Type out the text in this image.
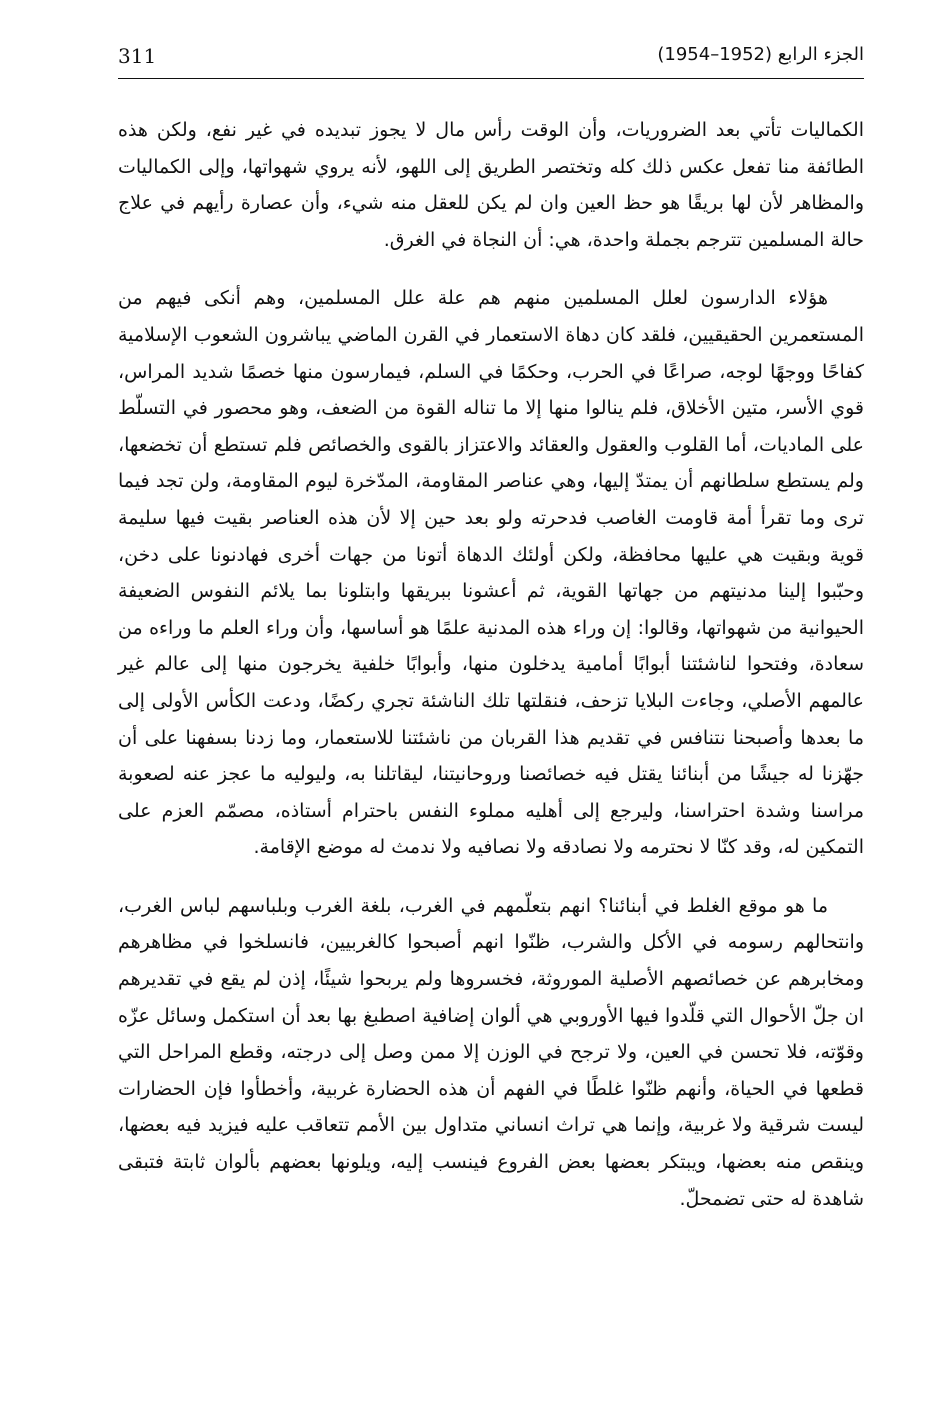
311	الجزء الرابع (1952–1954)

الكماليات تأتي بعد الضروريات، وأن الوقت رأس مال لا يجوز تبديده في غير نفع، ولكن هذه الطائفة منا تفعل عكس ذلك كله وتختصر الطريق إلى اللهو، لأنه يروي شهواتها، وإلى الكماليات والمظاهر لأن لها بريقًا هو حظ العين وان لم يكن للعقل منه شيء، وأن عصارة رأيهم في علاج حالة المسلمين تترجم بجملة واحدة، هي: أن النجاة في الغرق.

هؤلاء الدارسون لعلل المسلمين منهم هم علة علل المسلمين، وهم أنكى فيهم من المستعمرين الحقيقيين، فلقد كان دهاة الاستعمار في القرن الماضي يباشرون الشعوب الإسلامية كفاحًا ووجهًا لوجه، صراعًا في الحرب، وحكمًا في السلم، فيمارسون منها خصمًا شديد المراس، قوي الأسر، متين الأخلاق، فلم ينالوا منها إلا ما تناله القوة من الضعف، وهو محصور في التسلّط على الماديات، أما القلوب والعقول والعقائد والاعتزاز بالقوى والخصائص فلم تستطع أن تخضعها، ولم يستطع سلطانهم أن يمتدّ إليها، وهي عناصر المقاومة، المدّخرة ليوم المقاومة، ولن تجد فيما ترى وما تقرأ أمة قاومت الغاصب فدحرته ولو بعد حين إلا لأن هذه العناصر بقيت فيها سليمة قوية وبقيت هي عليها محافظة، ولكن أولئك الدهاة أتونا من جهات أخرى فهادنونا على دخن، وحبّبوا إلينا مدنيتهم من جهاتها القوية، ثم أعشونا ببريقها وابتلونا بما يلائم النفوس الضعيفة الحيوانية من شهواتها، وقالوا: إن وراء هذه المدنية علمًا هو أساسها، وأن وراء العلم ما وراءه من سعادة، وفتحوا لناشئتنا أبوابًا أمامية يدخلون منها، وأبوابًا خلفية يخرجون منها إلى عالم غير عالمهم الأصلي، وجاءت البلايا تزحف، فنقلتها تلك الناشئة تجري ركضًا، ودعت الكأس الأولى إلى ما بعدها وأصبحنا نتنافس في تقديم هذا القربان من ناشئتنا للاستعمار، وما زدنا بسفهنا على أن جهّزنا له جيشًا من أبنائنا يقتل فيه خصائصنا وروحانيتنا، ليقاتلنا به، وليوليه ما عجز عنه لصعوبة مراسنا وشدة احتراسنا، وليرجع إلى أهليه مملوء النفس باحترام أستاذه، مصمّم العزم على التمكين له، وقد كنّا لا نحترمه ولا نصادقه ولا نصافيه ولا ندمث له موضع الإقامة.

ما هو موقع الغلط في أبنائنا؟ انهم بتعلّمهم في الغرب، بلغة الغرب وبلباسهم لباس الغرب، وانتحالهم رسومه في الأكل والشرب، ظنّوا انهم أصبحوا كالغربيين، فانسلخوا في مظاهرهم ومخابرهم عن خصائصهم الأصلية الموروثة، فخسروها ولم يربحوا شيئًا، إذن لم يقع في تقديرهم ان جلّ الأحوال التي قلّدوا فيها الأوروبي هي ألوان إضافية اصطبغ بها بعد أن استكمل وسائل عزّه وقوّته، فلا تحسن في العين، ولا ترجح في الوزن إلا ممن وصل إلى درجته، وقطع المراحل التي قطعها في الحياة، وأنهم ظنّوا غلطًا في الفهم أن هذه الحضارة غربية، وأخطأوا فإن الحضارات ليست شرقية ولا غربية، وإنما هي تراث انساني متداول بين الأمم تتعاقب عليه فيزيد فيه بعضها، وينقص منه بعضها، ويبتكر بعضها بعض الفروع فينسب إليه، ويلونها بعضهم بألوان ثابتة فتبقى شاهدة له حتى تضمحلّ.
